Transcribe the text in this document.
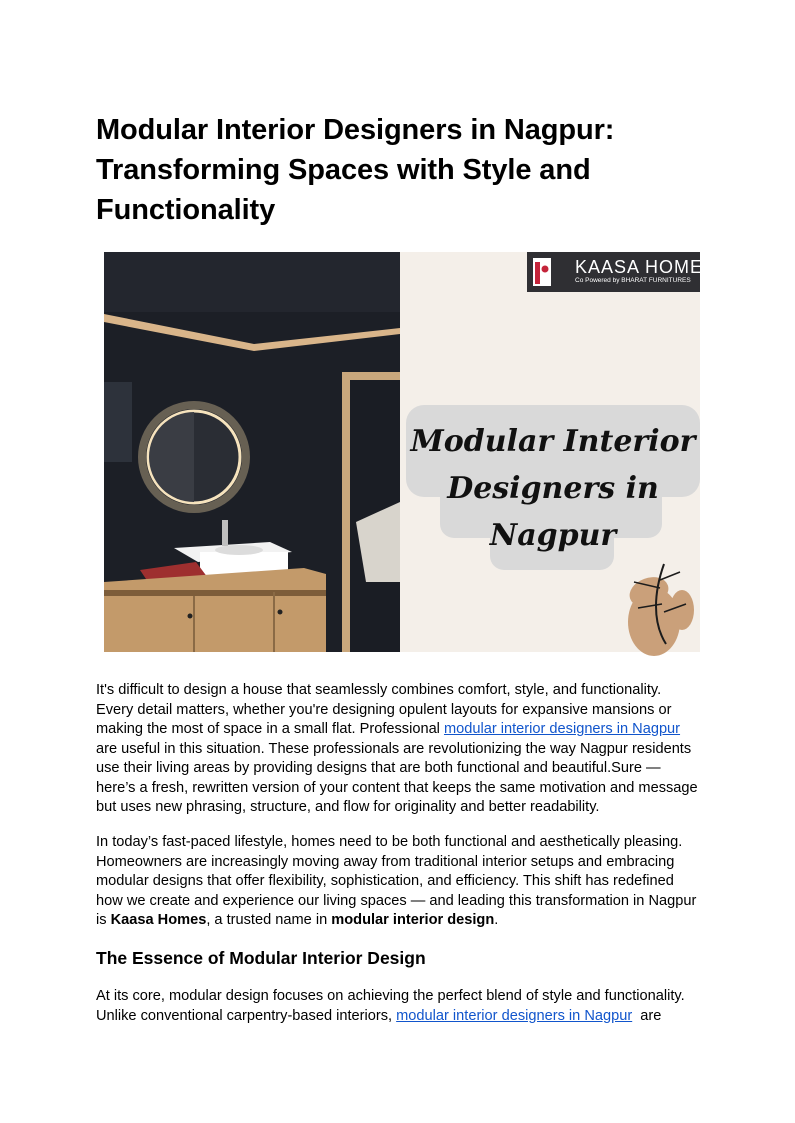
Modular Interior Designers in Nagpur: Transforming Spaces with Style and Functionality
KAASA HOMES
Co Powered by BHARAT FURNITURES
Modular Interior
Designers in
Nagpur

It's difficult to design a house that seamlessly combines comfort, style, and functionality. Every detail matters, whether you're designing opulent layouts for expansive mansions or making the most of space in a small flat. Professional modular interior designers in Nagpur are useful in this situation. These professionals are revolutionizing the way Nagpur residents use their living areas by providing designs that are both functional and beautiful.Sure — here’s a fresh, rewritten version of your content that keeps the same motivation and message but uses new phrasing, structure, and flow for originality and better readability.

In today’s fast-paced lifestyle, homes need to be both functional and aesthetically pleasing. Homeowners are increasingly moving away from traditional interior setups and embracing modular designs that offer flexibility, sophistication, and efficiency. This shift has redefined how we create and experience our living spaces — and leading this transformation in Nagpur is Kaasa Homes, a trusted name in modular interior design.

The Essence of Modular Interior Design

At its core, modular design focuses on achieving the perfect blend of style and functionality. Unlike conventional carpentry-based interiors, modular interior designers in Nagpur  are
